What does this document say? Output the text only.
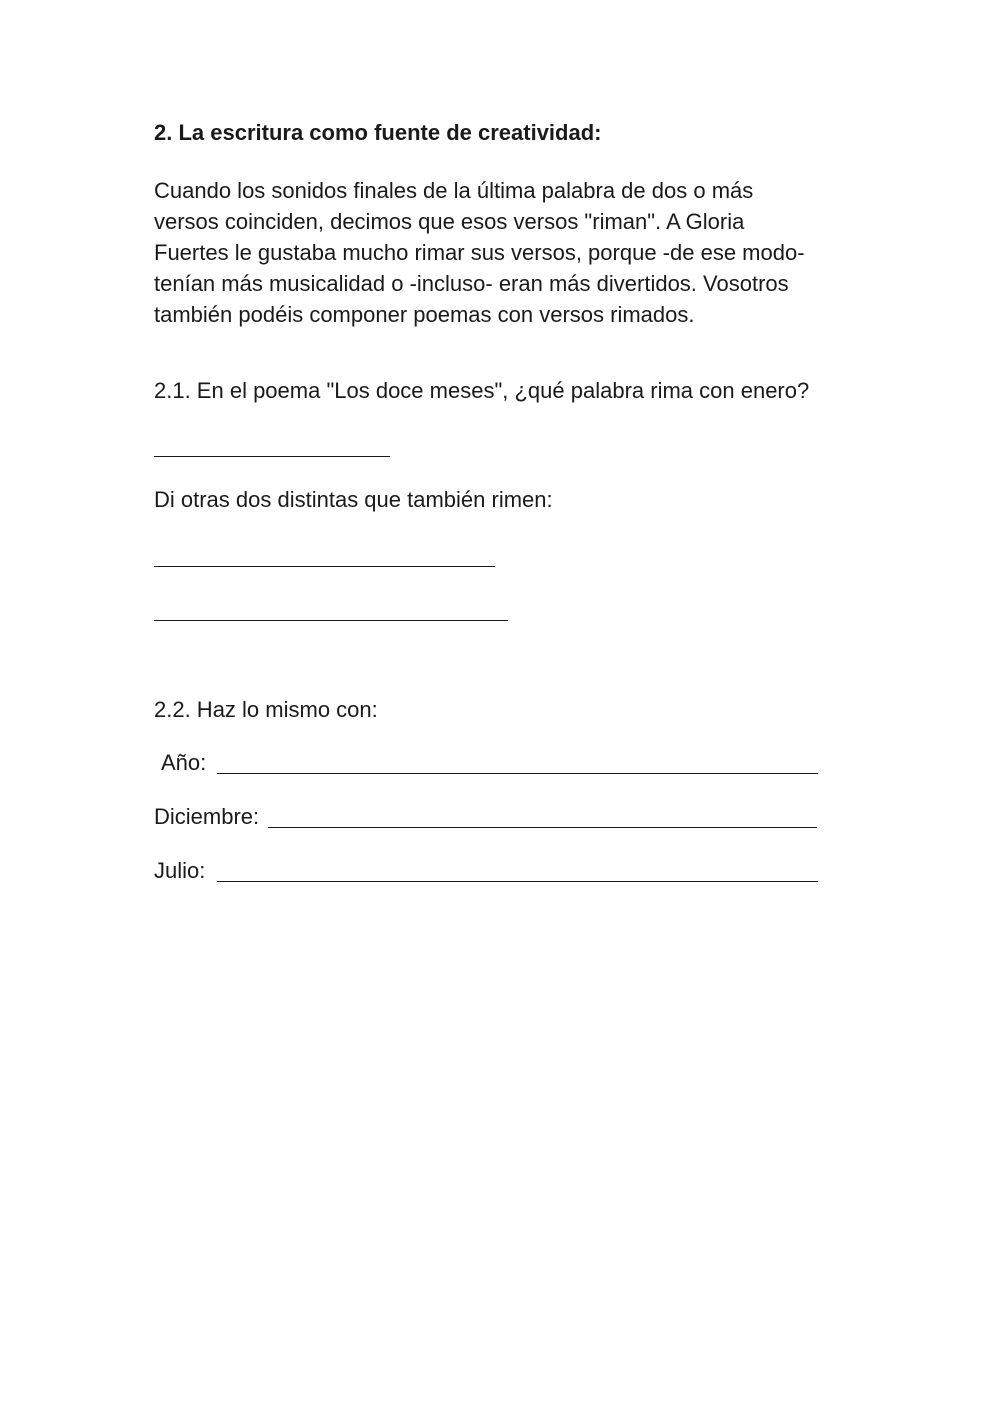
2. La escritura como fuente de creatividad:
Cuando los sonidos finales de la última palabra de dos o más
versos coinciden, decimos que esos versos "riman". A Gloria
Fuertes le gustaba mucho rimar sus versos, porque -de ese modo-
tenían más musicalidad o -incluso- eran más divertidos. Vosotros
también podéis componer poemas con versos rimados.
2.1. En el poema "Los doce meses", ¿qué palabra rima con enero?
Di otras dos distintas que también rimen:
2.2. Haz lo mismo con:
Año:
Diciembre:
Julio:
